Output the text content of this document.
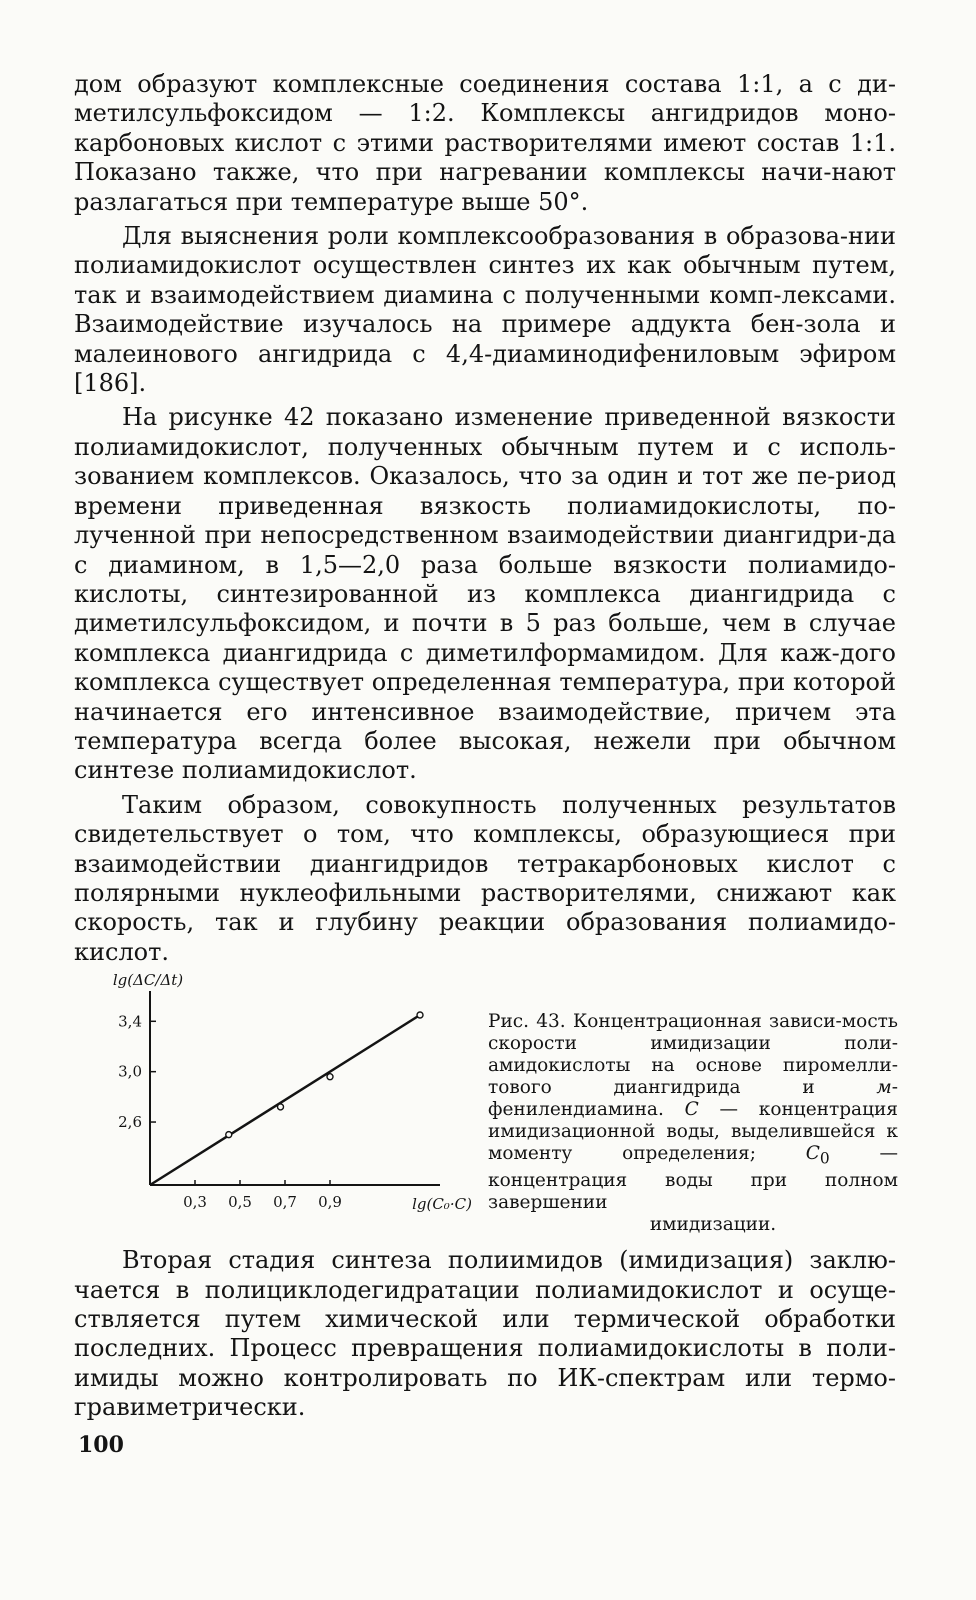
дом образуют комплексные соединения состава 1:1, а с ди-метилсульфоксидом — 1:2. Комплексы ангидридов моно-карбоновых кислот с этими растворителями имеют состав 1:1. Показано также, что при нагревании комплексы начи-нают разлагаться при температуре выше 50°.

Для выяснения роли комплексообразования в образова-нии полиамидокислот осуществлен синтез их как обычным путем, так и взаимодействием диамина с полученными комп-лексами. Взаимодействие изучалось на примере аддукта бен-зола и малеинового ангидрида с 4,4-диаминодифениловым эфиром [186].

На рисунке 42 показано изменение приведенной вязкости полиамидокислот, полученных обычным путем и с исполь-зованием комплексов. Оказалось, что за один и тот же пе-риод времени приведенная вязкость полиамидокислоты, по-лученной при непосредственном взаимодействии диангидри-да с диамином, в 1,5—2,0 раза больше вязкости полиамидо-кислоты, синтезированной из комплекса диангидрида с диметилсульфоксидом, и почти в 5 раз больше, чем в случае комплекса диангидрида с диметилформамидом. Для каж-дого комплекса существует определенная температура, при которой начинается его интенсивное взаимодействие, причем эта температура всегда более высокая, нежели при обычном синтезе полиамидокислот.

Таким образом, совокупность полученных результатов свидетельствует о том, что комплексы, образующиеся при взаимодействии диангидридов тетракарбоновых кислот с полярными нуклеофильными растворителями, снижают как скорость, так и глубину реакции образования полиамидо-кислот.

3,4
3,0
2,6
0,3 0,5 0,7 0,9
lg(ΔC/Δt)
lg(C₀·C)
Рис. 43. Концентрационная зависи-мость скорости имидизации поли-амидокислоты на основе пиромелли-тового диангидрида и м-фенилендиамина. C — концентрация имидизационной воды, выделившейся к моменту определения; $C_0$ — концентрация воды при полном завершении
имидизации.

Вторая стадия синтеза полиимидов (имидизация) заклю-чается в полициклодегидратации полиамидокислот и осуще-ствляется путем химической или термической обработки последних. Процесс превращения полиамидокислоты в поли-имиды можно контролировать по ИК-спектрам или термо-гравиметрически.

100
